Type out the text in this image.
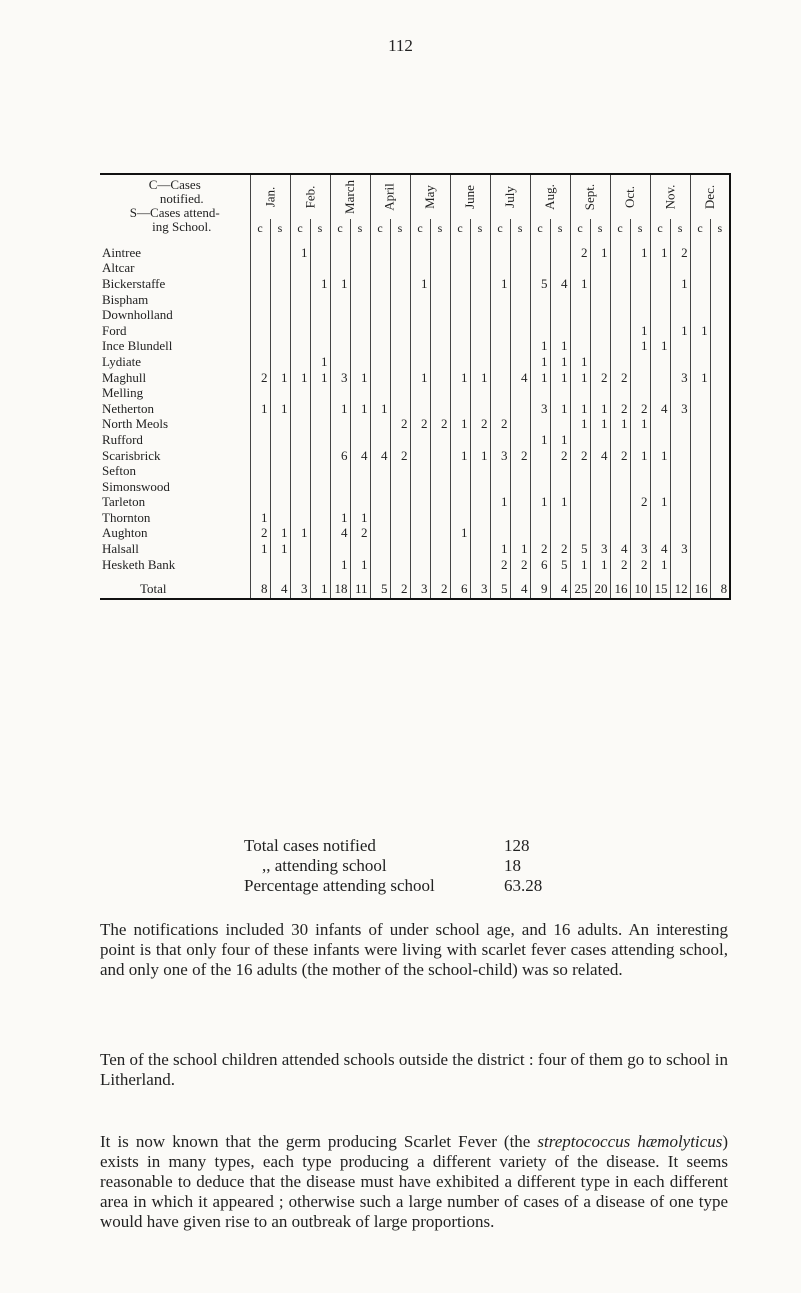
112
C—Cases
notified.
S—Cases attend-
ing School.	Jan.		Feb.		March		April		May		June		July		Aug.		Sept.		Oct.		Nov.		Dec.	
	c	s	c	s	c	s	c	s	c	s	c	s	c	s	c	s	c	s	c	s	c	s	c	s

Aintree			1														2	1		1	1	2		
Altcar																								
Bickerstaffe				1	1				1				1		5	4	1					1		
Bispham																								
Downholland																								
Ford																				1		1	1	
Ince Blundell															1	1				1	1			
Lydiate				1											1	1	1							
Maghull	2	1	1	1	3	1			1		1	1		4	1	1	1	2	2			3	1	
Melling																								
Netherton	1	1			1	1	1								3	1	1	1	2	2	4	3		
North Meols								2	2	2	1	2	2				1	1	1	1				
Rufford															1	1								
Scarisbrick					6	4	4	2			1	1	3	2		2	2	4	2	1	1			
Sefton																								
Simonswood																								
Tarleton													1		1	1				2	1			
Thornton	1				1	1																		
Aughton	2	1	1		4	2					1													
Halsall	1	1											1	1	2	2	5	3	4	3	4	3		
Hesketh Bank					1	1							2	2	6	5	1	1	2	2	1			

Total	8	4	3	1	18	11	5	2	3	2	6	3	5	4	9	4	25	20	16	10	15	12	16	8
Total cases notified	128
,, attending school	18
Percentage attending school	63.28

The notifications included 30 infants of under school age, and 16 adults. An interesting point is that only four of these infants were living with scarlet fever cases attending school, and only one of the 16 adults (the mother of the school-child) was so related.

Ten of the school children attended schools outside the district : four of them go to school in Litherland.

It is now known that the germ producing Scarlet Fever (the streptococcus hæmolyticus) exists in many types, each type producing a different variety of the disease. It seems reasonable to deduce that the disease must have exhibited a different type in each different area in which it appeared ; otherwise such a large number of cases of a disease of one type would have given rise to an outbreak of large proportions.
